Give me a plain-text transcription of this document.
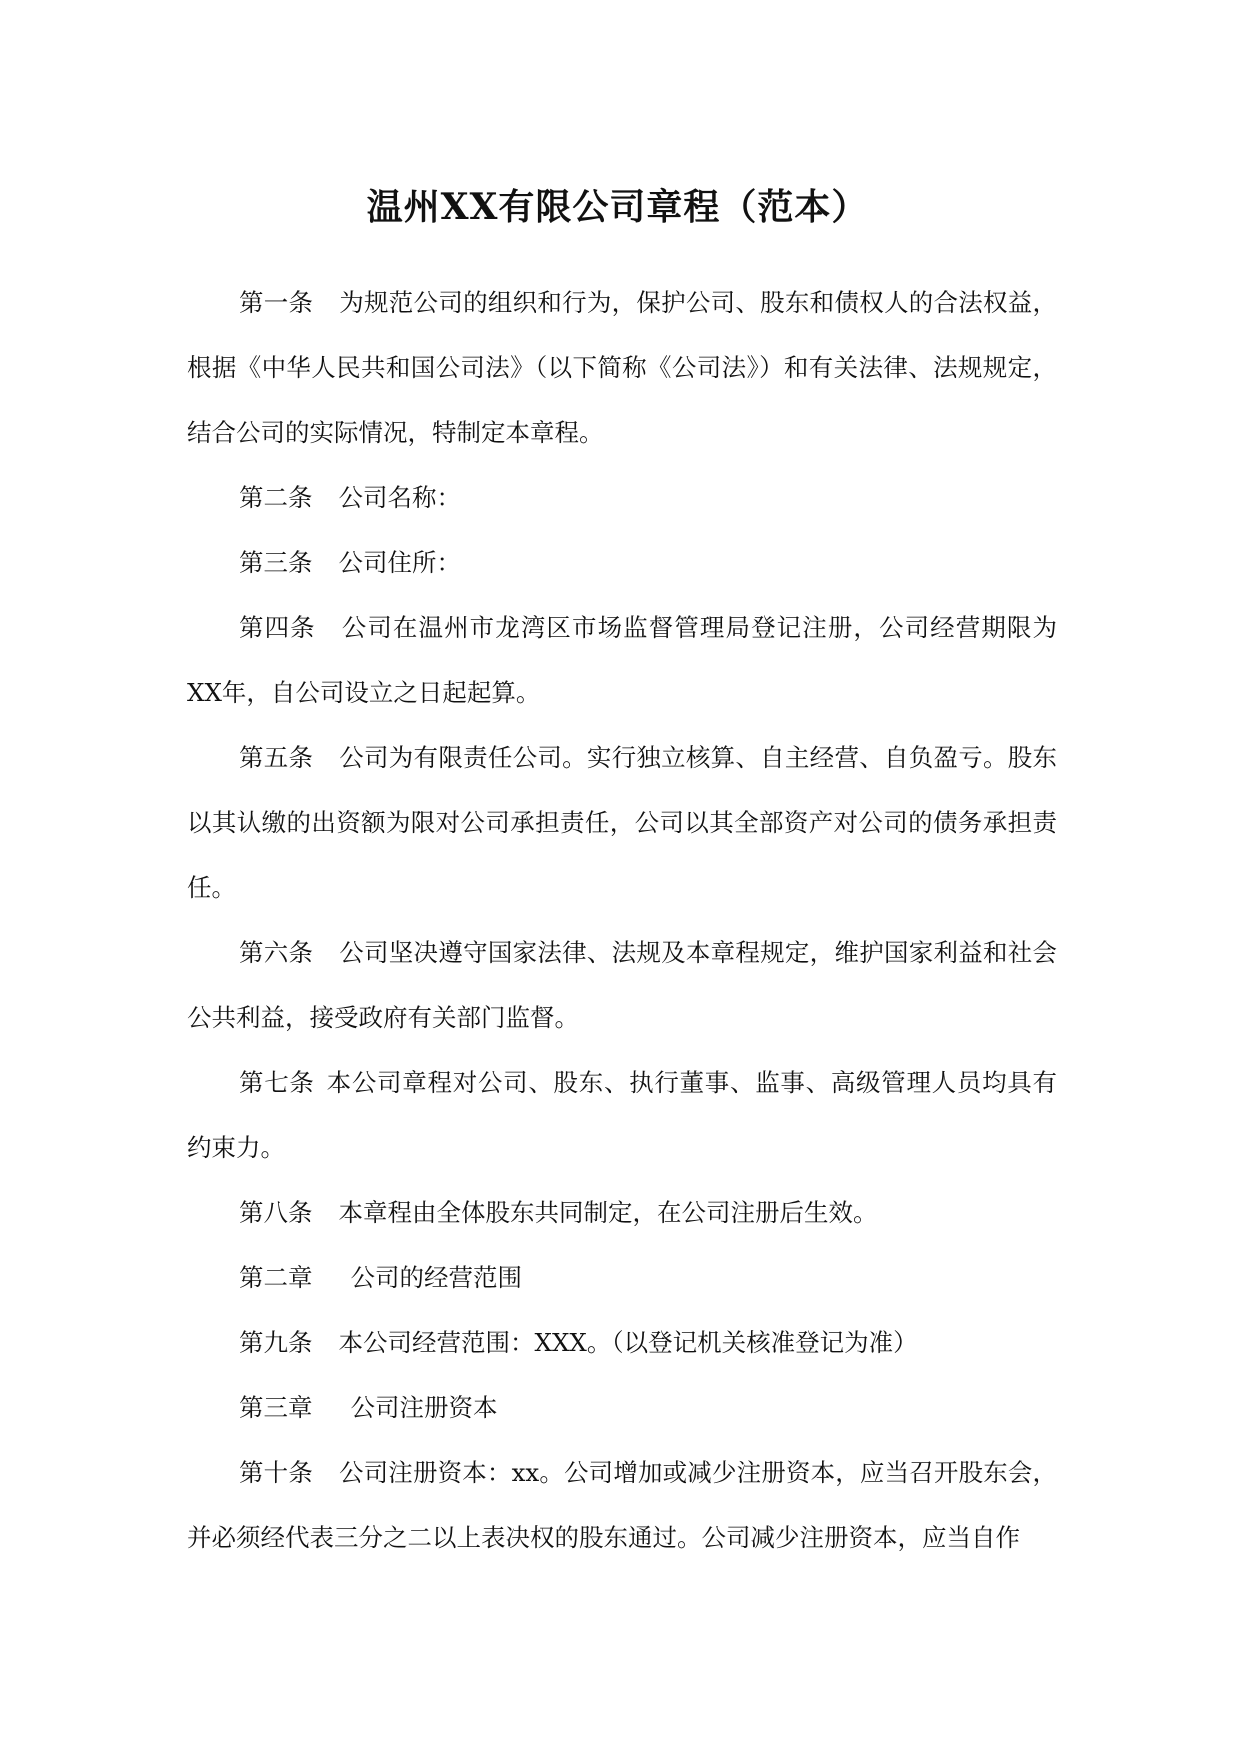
温州XX有限公司章程（范本）

第一条 为规范公司的组织和行为，保护公司、股东和债权人的合法权益，根据《中华人民共和国公司法》（以下简称《公司法》）和有关法律、法规规定，结合公司的实际情况，特制定本章程。

第二条 公司名称：

第三条 公司住所：

第四条 公司在温州市龙湾区市场监督管理局登记注册，公司经营期限为XX年，自公司设立之日起起算。

第五条 公司为有限责任公司。实行独立核算、自主经营、自负盈亏。股东以其认缴的出资额为限对公司承担责任，公司以其全部资产对公司的债务承担责任。

第六条 公司坚决遵守国家法律、法规及本章程规定，维护国家利益和社会公共利益，接受政府有关部门监督。

第七条 本公司章程对公司、股东、执行董事、监事、高级管理人员均具有约束力。

第八条 本章程由全体股东共同制定，在公司注册后生效。

第二章 公司的经营范围

第九条 本公司经营范围：XXX。（以登记机关核准登记为准）

第三章 公司注册资本

第十条 公司注册资本：xx。公司增加或减少注册资本，应当召开股东会，并必须经代表三分之二以上表决权的股东通过。公司减少注册资本，应当自作
